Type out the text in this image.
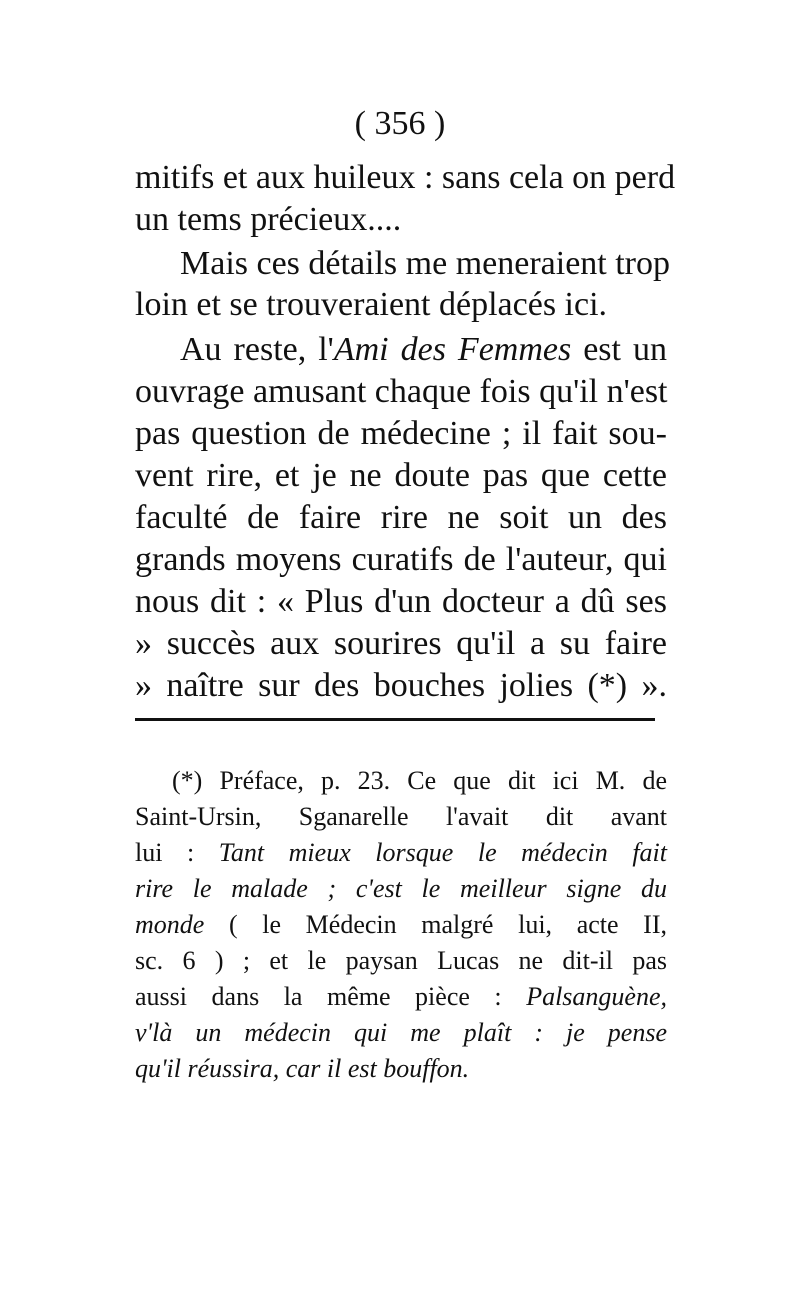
( 356 )
mitifs et aux huileux : sans cela on perd
un tems précieux....
Mais ces détails me meneraient trop
loin et se trouveraient déplacés ici.
Au reste, l'Ami des Femmes est un
ouvrage amusant chaque fois qu'il n'est
pas question de médecine ; il fait sou-
vent rire, et je ne doute pas que cette
faculté de faire rire ne soit un des
grands moyens curatifs de l'auteur, qui
nous dit : « Plus d'un docteur a dû ses
» succès aux sourires qu'il a su faire
» naître sur des bouches jolies (*) ».
(*) Préface, p. 23. Ce que dit ici M. de
Saint-Ursin, Sganarelle l'avait dit avant
lui : Tant mieux lorsque le médecin fait
rire le malade ; c'est le meilleur signe du
monde ( le Médecin malgré lui, acte II,
sc. 6 ) ; et le paysan Lucas ne dit-il pas
aussi dans la même pièce : Palsanguène,
v'là un médecin qui me plaît : je pense
qu'il réussira, car il est bouffon.
